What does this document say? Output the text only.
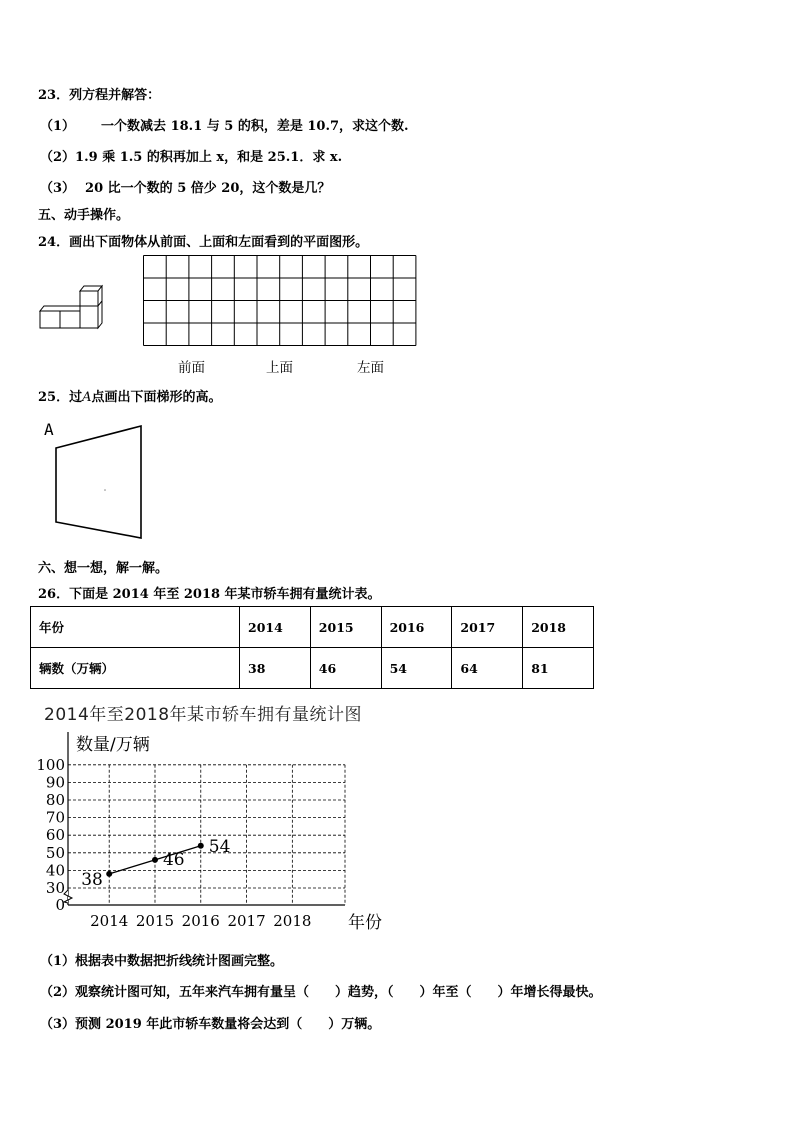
23．列方程并解答：
（1） 一个数减去 18.1 与 5 的积，差是 10.7，求这个数.
（2）1.9 乘 1.5 的积再加上 x，和是 25.1．求 x.
（3） 20 比一个数的 5 倍少 20，这个数是几？
五、动手操作。
24．画出下面物体从前面、上面和左面看到的平面图形。
前面	上面	左面
25．过A点画出下面梯形的高。
A
六、想一想，解一解。
26．下面是 2014 年至 2018 年某市轿车拥有量统计表。
年份	2014	2015	2016	2017	2018
辆数（万辆）	38	46	54	64	81
2014年至2018年某市轿车拥有量统计图
0
30
40
50
60
70
80
90
100
2014 2015 2016 2017 2018
数量/万辆
年份
38
46
54
（1）根据表中数据把折线统计图画完整。
（2）观察统计图可知，五年来汽车拥有量呈（　　）趋势，（　　）年至（　　）年增长得最快。
（3）预测 2019 年此市轿车数量将会达到（　　）万辆。
